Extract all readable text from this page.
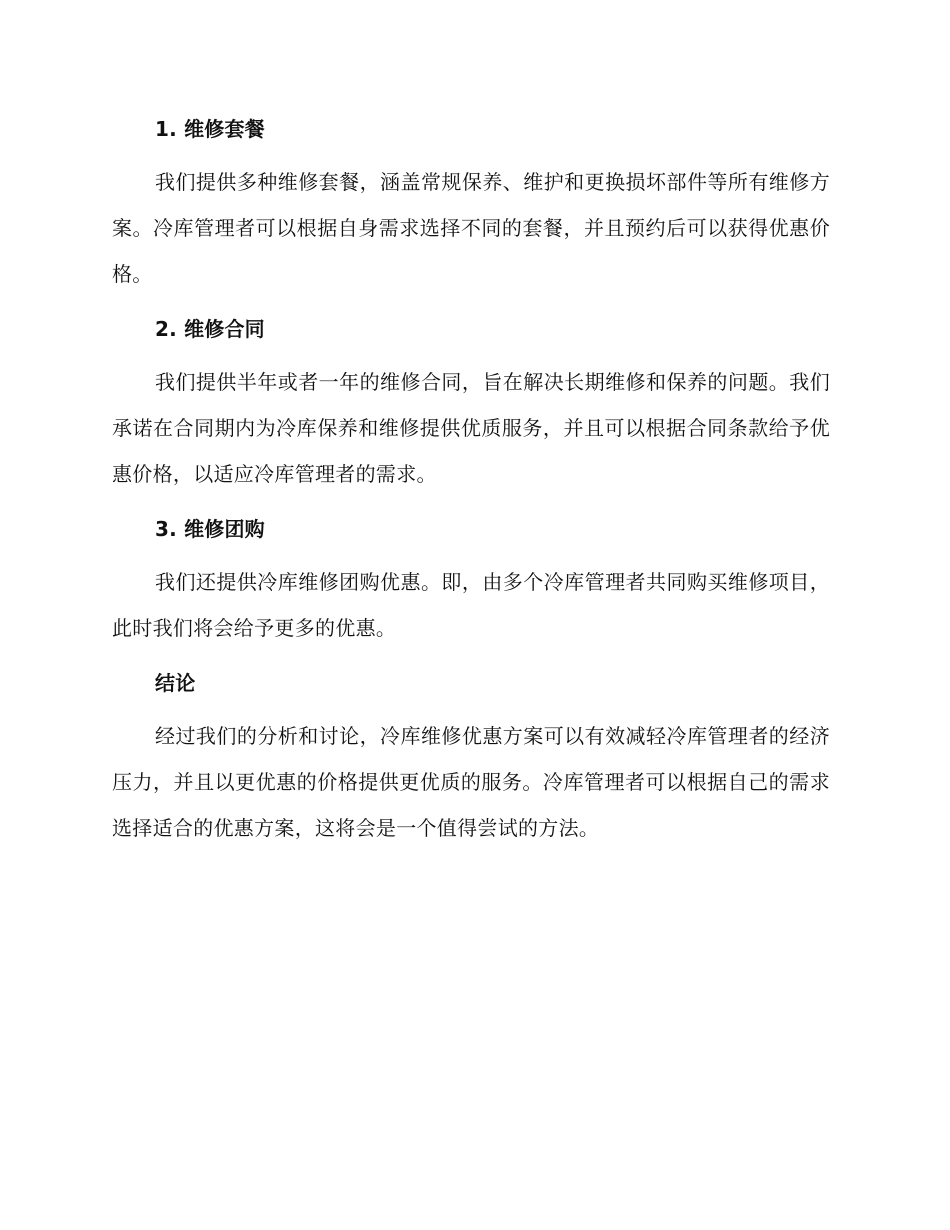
1. 维修套餐

我们提供多种维修套餐，涵盖常规保养、维护和更换损坏部件等所有维修方案。冷库管理者可以根据自身需求选择不同的套餐，并且预约后可以获得优惠价格。

2. 维修合同

我们提供半年或者一年的维修合同，旨在解决长期维修和保养的问题。我们承诺在合同期内为冷库保养和维修提供优质服务，并且可以根据合同条款给予优惠价格，以适应冷库管理者的需求。

3. 维修团购

我们还提供冷库维修团购优惠。即，由多个冷库管理者共同购买维修项目，此时我们将会给予更多的优惠。

结论

经过我们的分析和讨论，冷库维修优惠方案可以有效减轻冷库管理者的经济压力，并且以更优惠的价格提供更优质的服务。冷库管理者可以根据自己的需求选择适合的优惠方案，这将会是一个值得尝试的方法。
